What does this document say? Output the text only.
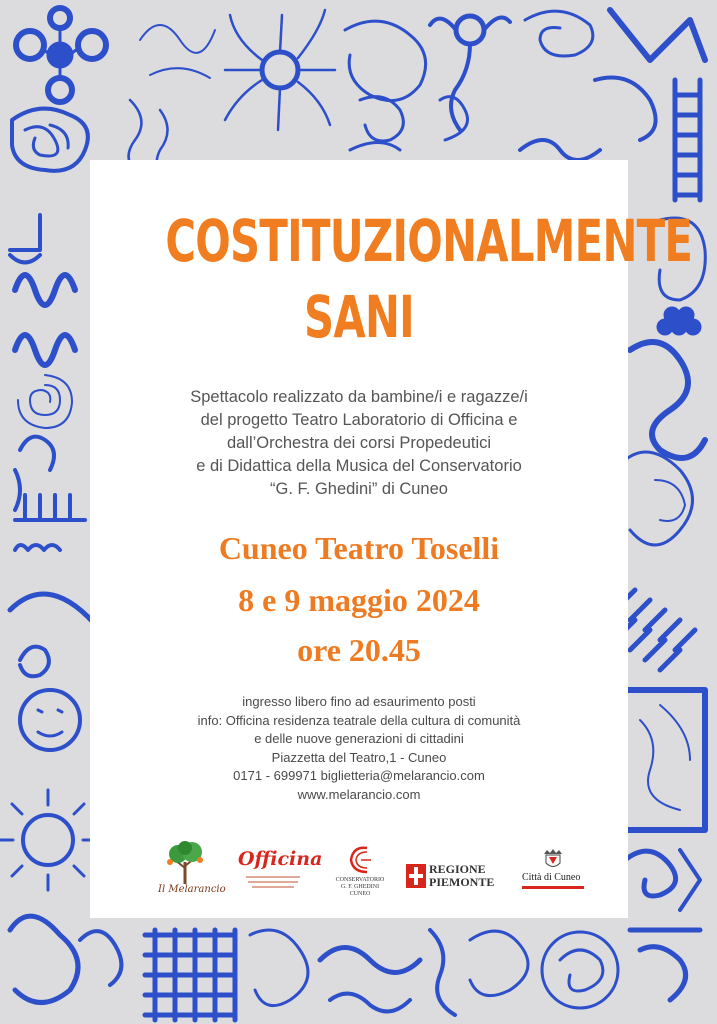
COSTITUZIONALMENTE
SANI
Spettacolo realizzato da bambine/i e ragazze/i
del progetto Teatro Laboratorio di Officina e
dall’Orchestra dei corsi Propedeutici
e di Didattica della Musica del Conservatorio
“G. F. Ghedini” di Cuneo
Cuneo Teatro Toselli
8 e 9 maggio 2024
ore 20.45
ingresso libero fino ad esaurimento posti
info: Officina residenza teatrale della cultura di comunità
e delle nuove generazioni di cittadini
Piazzetta del Teatro,1 - Cuneo
0171 - 699971 biglietteria@melarancio.com
www.melarancio.com
Il Melarancio
Officina
CONSERVATORIO
G. F. GHEDINI
CUNEO
REGIONE
PIEMONTE	Città di Cuneo
